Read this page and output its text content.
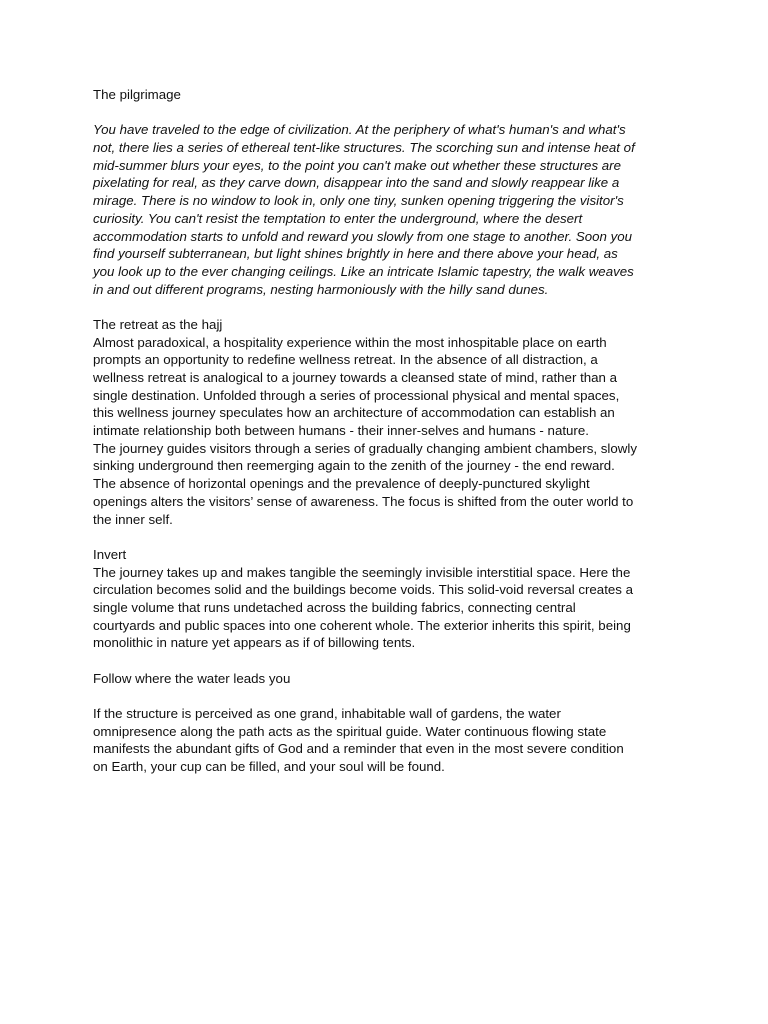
The pilgrimage
You have traveled to the edge of civilization. At the periphery of what's human's and what's
not, there lies a series of ethereal tent-like structures. The scorching sun and intense heat of
mid-summer blurs your eyes, to the point you can't make out whether these structures are
pixelating for real, as they carve down, disappear into the sand and slowly reappear like a
mirage. There is no window to look in, only one tiny, sunken opening triggering the visitor's
curiosity. You can't resist the temptation to enter the underground, where the desert
accommodation starts to unfold and reward you slowly from one stage to another. Soon you
find yourself subterranean, but light shines brightly in here and there above your head, as
you look up to the ever changing ceilings. Like an intricate Islamic tapestry, the walk weaves
in and out different programs, nesting harmoniously with the hilly sand dunes.
The retreat as the hajj
Almost paradoxical, a hospitality experience within the most inhospitable place on earth
prompts an opportunity to redefine wellness retreat. In the absence of all distraction, a
wellness retreat is analogical to a journey towards a cleansed state of mind, rather than a
single destination. Unfolded through a series of processional physical and mental spaces,
this wellness journey speculates how an architecture of accommodation can establish an
intimate relationship both between humans - their inner-selves and humans - nature.
The journey guides visitors through a series of gradually changing ambient chambers, slowly
sinking underground then reemerging again to the zenith of the journey - the end reward.
The absence of horizontal openings and the prevalence of deeply-punctured skylight
openings alters the visitors’ sense of awareness. The focus is shifted from the outer world to
the inner self.
Invert
The journey takes up and makes tangible the seemingly invisible interstitial space. Here the
circulation becomes solid and the buildings become voids. This solid-void reversal creates a
single volume that runs undetached across the building fabrics, connecting central
courtyards and public spaces into one coherent whole. The exterior inherits this spirit, being
monolithic in nature yet appears as if of billowing tents.
Follow where the water leads you
If the structure is perceived as one grand, inhabitable wall of gardens, the water
omnipresence along the path acts as the spiritual guide. Water continuous flowing state
manifests the abundant gifts of God and a reminder that even in the most severe condition
on Earth, your cup can be filled, and your soul will be found.
